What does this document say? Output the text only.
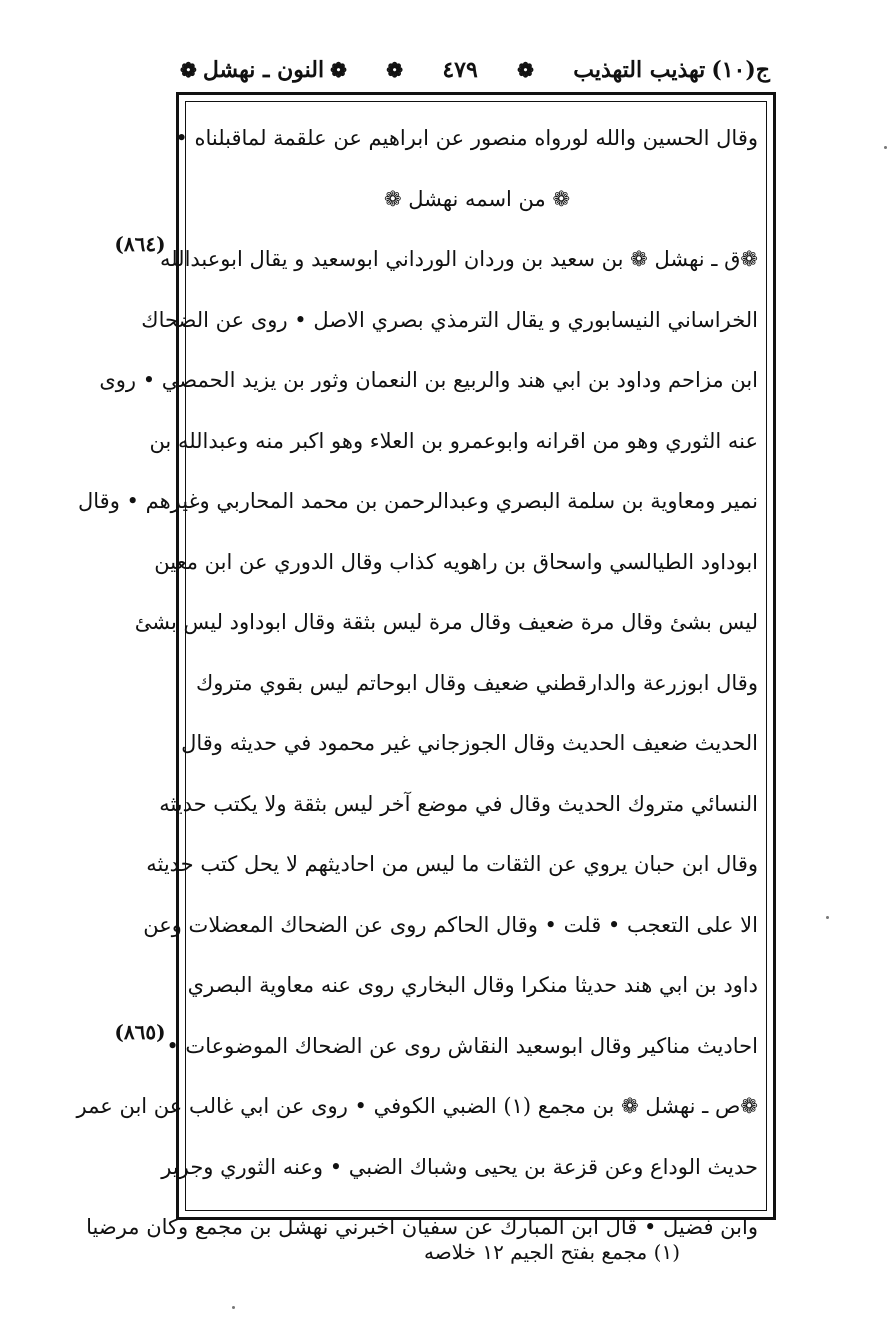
ج(١٠)
تهذيب التهذيب
❁
٤٧٩
❁
❁
النون ـ نهشل
❁
وقال الحسين والله لورواه منصور عن ابراهيم عن علقمة لماقبلناه •
❁ من اسمه نهشل ❁
❁ق ـ نهشل ❁ بن سعيد بن وردان الورداني ابوسعيد و يقال ابوعبدالله
الخراساني النيسابوري و يقال الترمذي بصري الاصل • روى عن الضحاك
ابن مزاحم وداود بن ابي هند والربيع بن النعمان وثور بن يزيد الحمصي • روى
عنه الثوري وهو من اقرانه وابوعمرو بن العلاء وهو اكبر منه وعبدالله بن
نمير ومعاوية بن سلمة البصري وعبدالرحمن بن محمد المحاربي وغيرهم • وقال
ابوداود الطيالسي واسحاق بن راهويه كذاب وقال الدوري عن ابن معين
ليس بشئ وقال مرة ضعيف وقال مرة ليس بثقة وقال ابوداود ليس بشئ
وقال ابوزرعة والدارقطني ضعيف وقال ابوحاتم ليس بقوي متروك
الحديث ضعيف الحديث وقال الجوزجاني غير محمود في حديثه وقال
النسائي متروك الحديث وقال في موضع آخر ليس بثقة ولا يكتب حديثه
وقال ابن حبان يروي عن الثقات ما ليس من احاديثهم لا يحل كتب حديثه
الا على التعجب • قلت • وقال الحاكم روى عن الضحاك المعضلات وعن
داود بن ابي هند حديثا منكرا وقال البخاري روى عنه معاوية البصري
احاديث مناكير وقال ابوسعيد النقاش روى عن الضحاك الموضوعات •
❁ص ـ نهشل ❁ بن مجمع (١) الضبي الكوفي • روى عن ابي غالب عن ابن عمر
حديث الوداع وعن قزعة بن يحيى وشباك الضبي • وعنه الثوري وجرير
وابن فضيل • قال ابن المبارك عن سفيان اخبرني نهشل بن مجمع وكان مرضيا
(٨٦٤)
(٨٦٥)
(١) مجمع بفتح الجيم ١٢ خلاصه
